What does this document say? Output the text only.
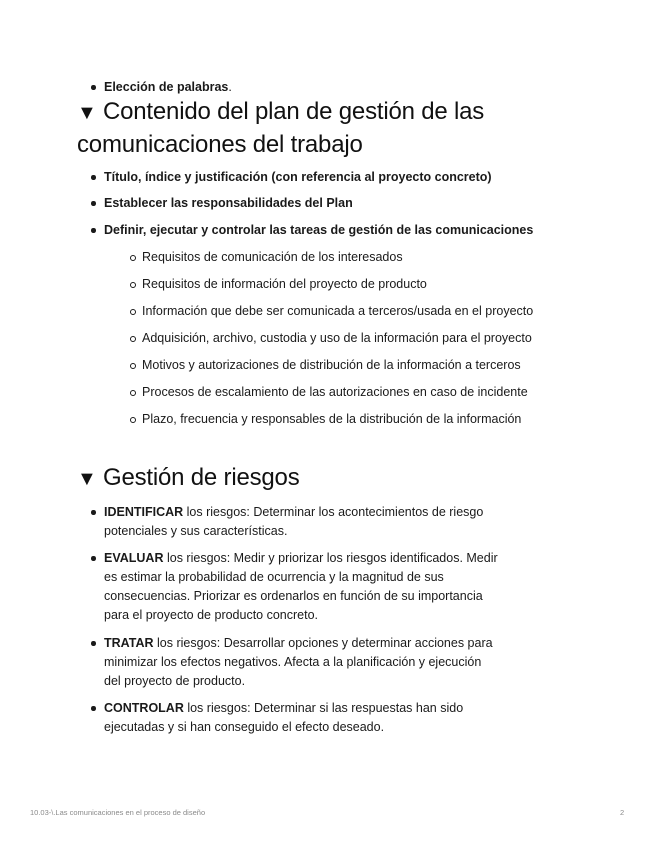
Elección de palabras.
▼ Contenido del plan de gestión de las
comunicaciones del trabajo
Título, índice y justificación (con referencia al proyecto concreto)
Establecer las responsabilidades del Plan
Definir, ejecutar y controlar las tareas de gestión de las comunicaciones
Requisitos de comunicación de los interesados
Requisitos de información del proyecto de producto
Información que debe ser comunicada a terceros/usada en el proyecto
Adquisición, archivo, custodia y uso de la información para el proyecto
Motivos y autorizaciones de distribución de la información a terceros
Procesos de escalamiento de las autorizaciones en caso de incidente
Plazo, frecuencia y responsables de la distribución de la información
▼ Gestión de riesgos
IDENTIFICAR los riesgos: Determinar los acontecimientos de riesgo
potenciales y sus características.
EVALUAR los riesgos: Medir y priorizar los riesgos identificados. Medir
es estimar la probabilidad de ocurrencia y la magnitud de sus
consecuencias. Priorizar es ordenarlos en función de su importancia
para el proyecto de producto concreto.
TRATAR los riesgos: Desarrollar opciones y determinar acciones para
minimizar los efectos negativos. Afecta a la planificación y ejecución
del proyecto de producto.
CONTROLAR los riesgos: Determinar si las respuestas han sido
ejecutadas y si han conseguido el efecto deseado.
10.03-\.Las comunicaciones en el proceso de diseño	2
